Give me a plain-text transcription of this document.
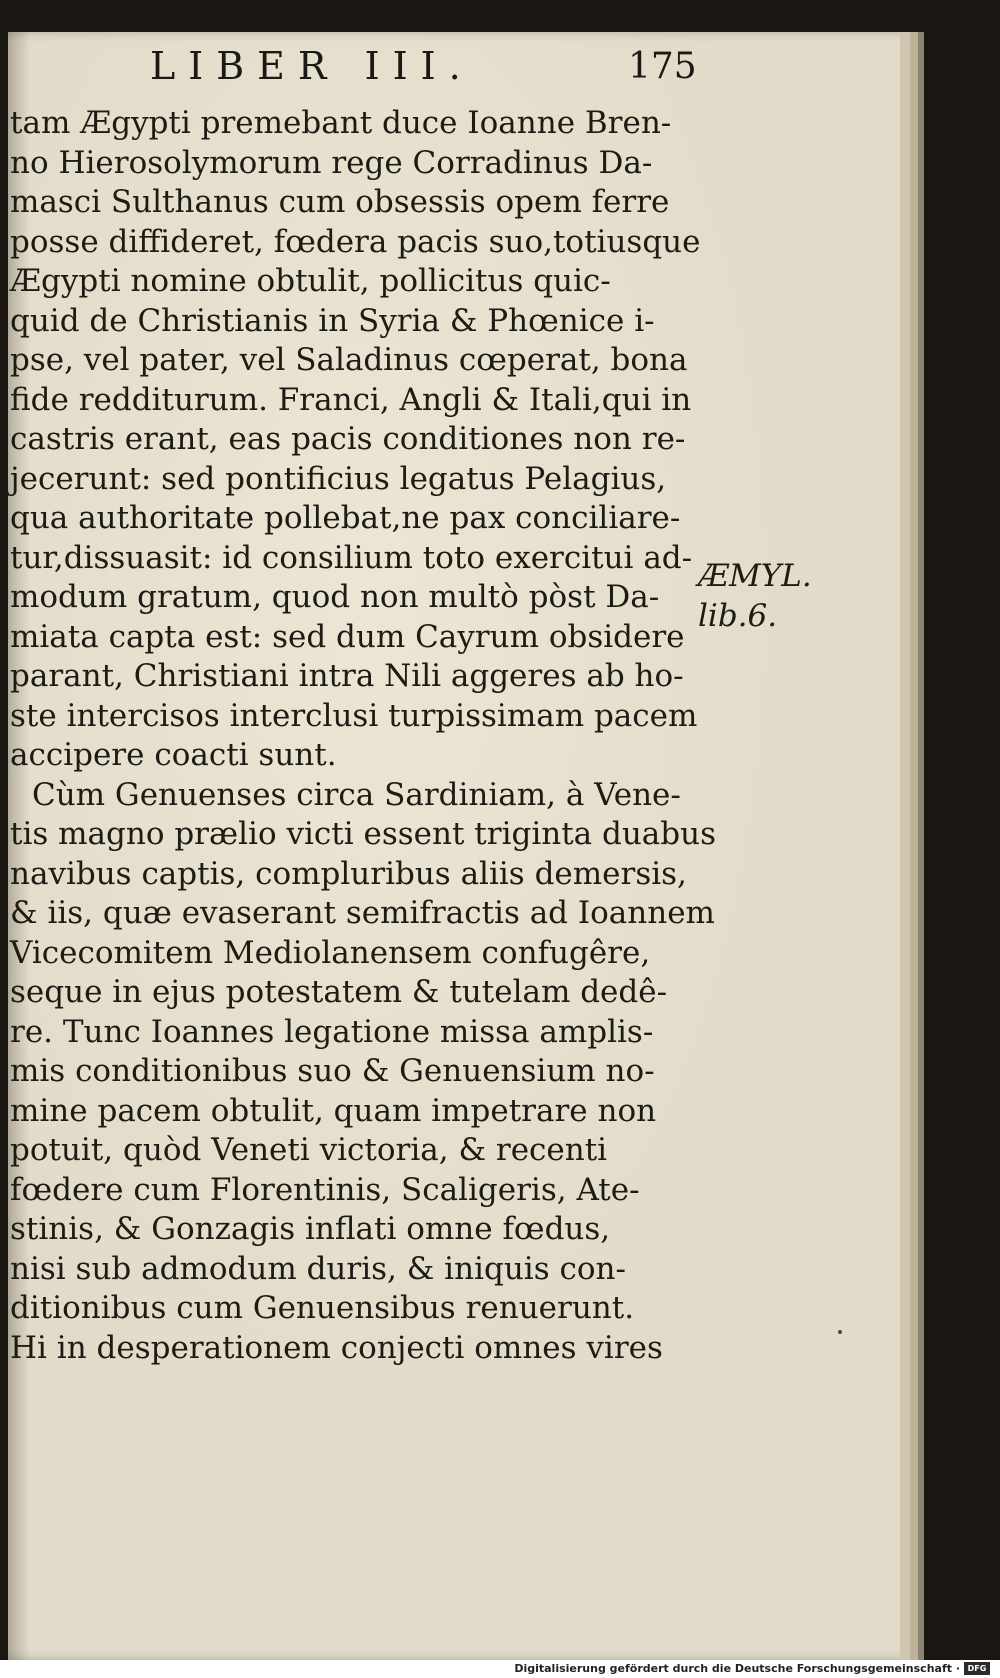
LIBER III.	175
tam Ægypti premebant duce Ioanne Bren-
no Hierosolymorum rege Corradinus Da-
masci Sulthanus cum obsessis opem ferre
posse diffideret, fœdera pacis suo,totiusque
Ægypti nomine obtulit, pollicitus quic-
quid de Christianis in Syria & Phœnice i-
pse, vel pater, vel Saladinus cœperat, bona
fide redditurum. Franci, Angli & Itali,qui in
castris erant, eas pacis conditiones non re-
jecerunt: sed pontificius legatus Pelagius,
qua authoritate pollebat,ne pax conciliare-
tur,dissuasit: id consilium toto exercitui ad-
modum gratum, quod non multò pòst Da-
miata capta est: sed dum Cayrum obsidere
parant, Christiani intra Nili aggeres ab ho-
ste intercisos interclusi turpissimam pacem
accipere coacti sunt.
Cùm Genuenses circa Sardiniam, à Vene-
tis magno prælio victi essent triginta duabus
navibus captis, compluribus aliis demersis,
& iis, quæ evaserant semifractis ad Ioannem
Vicecomitem Mediolanensem confugêre,
seque in ejus potestatem & tutelam dedê-
re. Tunc Ioannes legatione missa amplis-
mis conditionibus suo & Genuensium no-
mine pacem obtulit, quam impetrare non
potuit, quòd Veneti victoria, & recenti
fœdere cum Florentinis, Scaligeris, Ate-
stinis, & Gonzagis inflati omne fœdus,
nisi sub admodum duris, & iniquis con-
ditionibus cum Genuensibus renuerunt.
Hi in desperationem conjecti omnes vires
ÆMYL.
lib.6.
Digitalisierung gefördert durch die Deutsche Forschungsgemeinschaft · DFG
